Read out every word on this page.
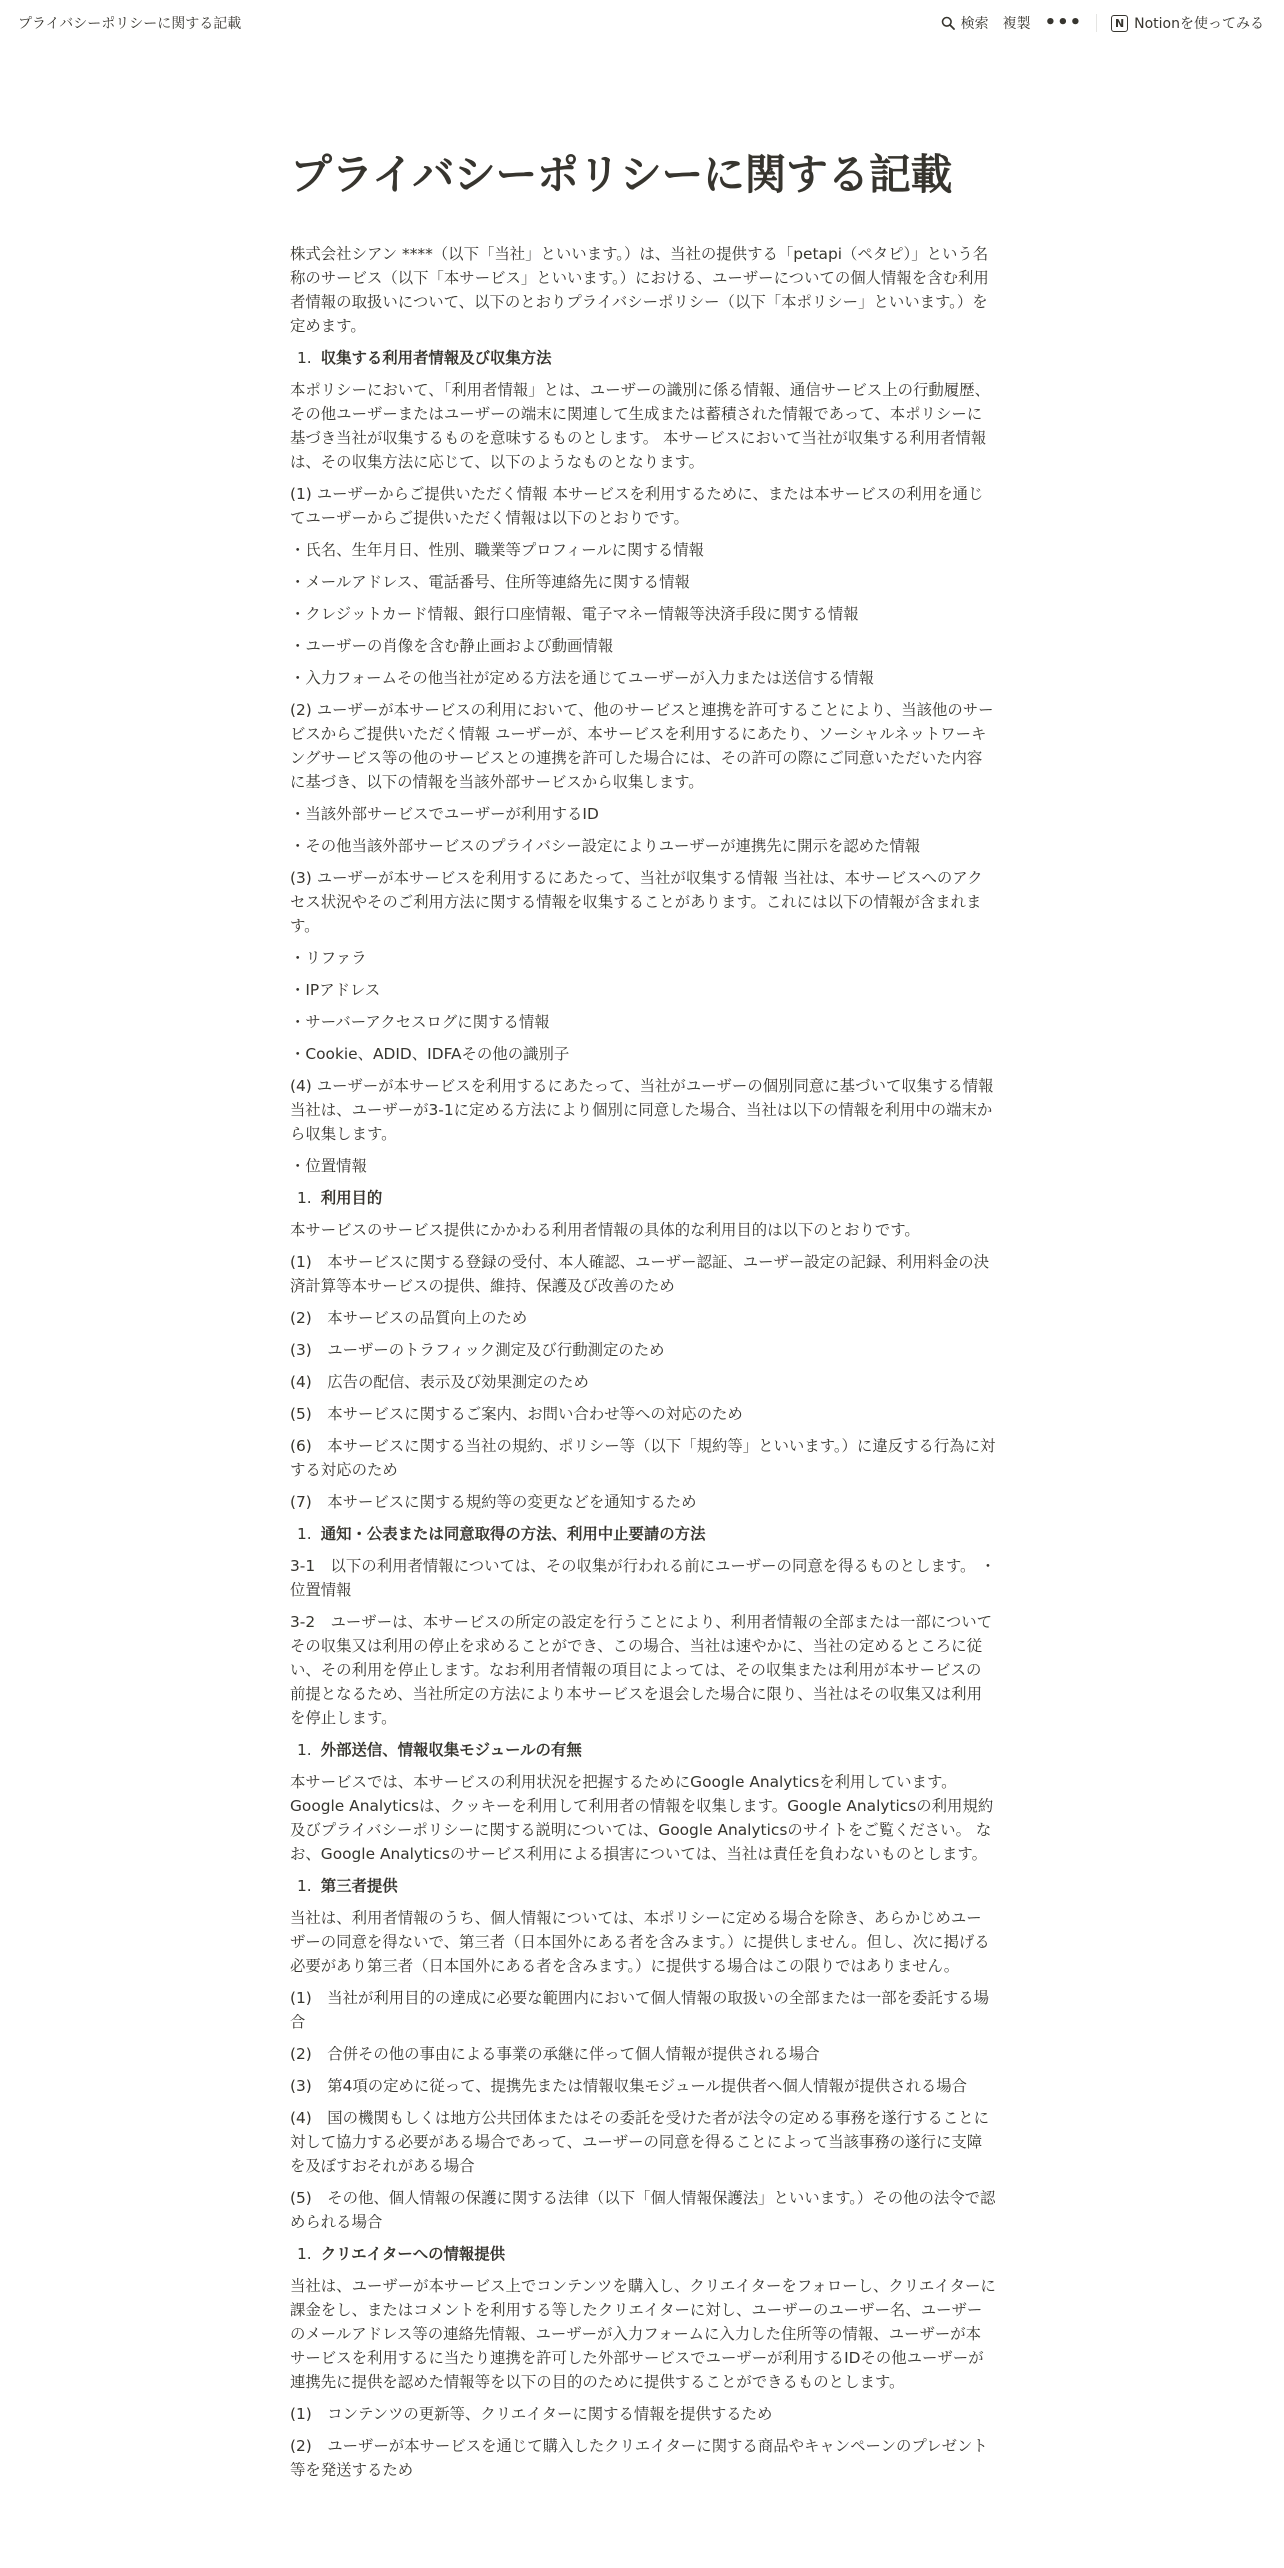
プライバシーポリシーに関する記載	検索 複製 •••	N Notionを使ってみる
プライバシーポリシーに関する記載
株式会社シアン ****（以下「当社」といいます。）は、当社の提供する「petapi（ペタピ）」という名称のサービス（以下「本サービス」といいます。）における、ユーザーについての個人情報を含む利用者情報の取扱いについて、以下のとおりプライバシーポリシー（以下「本ポリシー」といいます。）を定めます。
1. 収集する利用者情報及び収集方法
本ポリシーにおいて、「利用者情報」とは、ユーザーの識別に係る情報、通信サービス上の行動履歴、その他ユーザーまたはユーザーの端末に関連して生成または蓄積された情報であって、本ポリシーに基づき当社が収集するものを意味するものとします。 本サービスにおいて当社が収集する利用者情報は、その収集方法に応じて、以下のようなものとなります。
(1) ユーザーからご提供いただく情報 本サービスを利用するために、または本サービスの利用を通じてユーザーからご提供いただく情報は以下のとおりです。
・氏名、生年月日、性別、職業等プロフィールに関する情報
・メールアドレス、電話番号、住所等連絡先に関する情報
・クレジットカード情報、銀行口座情報、電子マネー情報等決済手段に関する情報
・ユーザーの肖像を含む静止画および動画情報
・入力フォームその他当社が定める方法を通じてユーザーが入力または送信する情報
(2) ユーザーが本サービスの利用において、他のサービスと連携を許可することにより、当該他のサービスからご提供いただく情報 ユーザーが、本サービスを利用するにあたり、ソーシャルネットワーキングサービス等の他のサービスとの連携を許可した場合には、その許可の際にご同意いただいた内容に基づき、以下の情報を当該外部サービスから収集します。
・当該外部サービスでユーザーが利用するID
・その他当該外部サービスのプライバシー設定によりユーザーが連携先に開示を認めた情報
(3) ユーザーが本サービスを利用するにあたって、当社が収集する情報 当社は、本サービスへのアクセス状況やそのご利用方法に関する情報を収集することがあります。これには以下の情報が含まれます。
・リファラ
・IPアドレス
・サーバーアクセスログに関する情報
・Cookie、ADID、IDFAその他の識別子
(4) ユーザーが本サービスを利用するにあたって、当社がユーザーの個別同意に基づいて収集する情報 当社は、ユーザーが3-1に定める方法により個別に同意した場合、当社は以下の情報を利用中の端末から収集します。
・位置情報
1. 利用目的
本サービスのサービス提供にかかわる利用者情報の具体的な利用目的は以下のとおりです。
(1)　本サービスに関する登録の受付、本人確認、ユーザー認証、ユーザー設定の記録、利用料金の決済計算等本サービスの提供、維持、保護及び改善のため
(2)　本サービスの品質向上のため
(3)　ユーザーのトラフィック測定及び行動測定のため
(4)　広告の配信、表示及び効果測定のため
(5)　本サービスに関するご案内、お問い合わせ等への対応のため
(6)　本サービスに関する当社の規約、ポリシー等（以下「規約等」といいます。）に違反する行為に対する対応のため
(7)　本サービスに関する規約等の変更などを通知するため
1. 通知・公表または同意取得の方法、利用中止要請の方法
3-1　以下の利用者情報については、その収集が行われる前にユーザーの同意を得るものとします。 ・位置情報
3-2　ユーザーは、本サービスの所定の設定を行うことにより、利用者情報の全部または一部についてその収集又は利用の停止を求めることができ、この場合、当社は速やかに、当社の定めるところに従い、その利用を停止します。なお利用者情報の項目によっては、その収集または利用が本サービスの前提となるため、当社所定の方法により本サービスを退会した場合に限り、当社はその収集又は利用を停止します。
1. 外部送信、情報収集モジュールの有無
本サービスでは、本サービスの利用状況を把握するためにGoogle Analyticsを利用しています。Google Analyticsは、クッキーを利用して利用者の情報を収集します。Google Analyticsの利用規約及びプライバシーポリシーに関する説明については、Google Analyticsのサイトをご覧ください。 なお、Google Analyticsのサービス利用による損害については、当社は責任を負わないものとします。
1. 第三者提供
当社は、利用者情報のうち、個人情報については、本ポリシーに定める場合を除き、あらかじめユーザーの同意を得ないで、第三者（日本国外にある者を含みます。）に提供しません。但し、次に掲げる必要があり第三者（日本国外にある者を含みます。）に提供する場合はこの限りではありません。
(1)　当社が利用目的の達成に必要な範囲内において個人情報の取扱いの全部または一部を委託する場合
(2)　合併その他の事由による事業の承継に伴って個人情報が提供される場合
(3)　第4項の定めに従って、提携先または情報収集モジュール提供者へ個人情報が提供される場合
(4)　国の機関もしくは地方公共団体またはその委託を受けた者が法令の定める事務を遂行することに対して協力する必要がある場合であって、ユーザーの同意を得ることによって当該事務の遂行に支障を及ぼすおそれがある場合
(5)　その他、個人情報の保護に関する法律（以下「個人情報保護法」といいます。）その他の法令で認められる場合
1. クリエイターへの情報提供
当社は、ユーザーが本サービス上でコンテンツを購入し、クリエイターをフォローし、クリエイターに課金をし、またはコメントを利用する等したクリエイターに対し、ユーザーのユーザー名、ユーザーのメールアドレス等の連絡先情報、ユーザーが入力フォームに入力した住所等の情報、ユーザーが本サービスを利用するに当たり連携を許可した外部サービスでユーザーが利用するIDその他ユーザーが連携先に提供を認めた情報等を以下の目的のために提供することができるものとします。
(1)　コンテンツの更新等、クリエイターに関する情報を提供するため
(2)　ユーザーが本サービスを通じて購入したクリエイターに関する商品やキャンペーンのプレゼント等を発送するため
